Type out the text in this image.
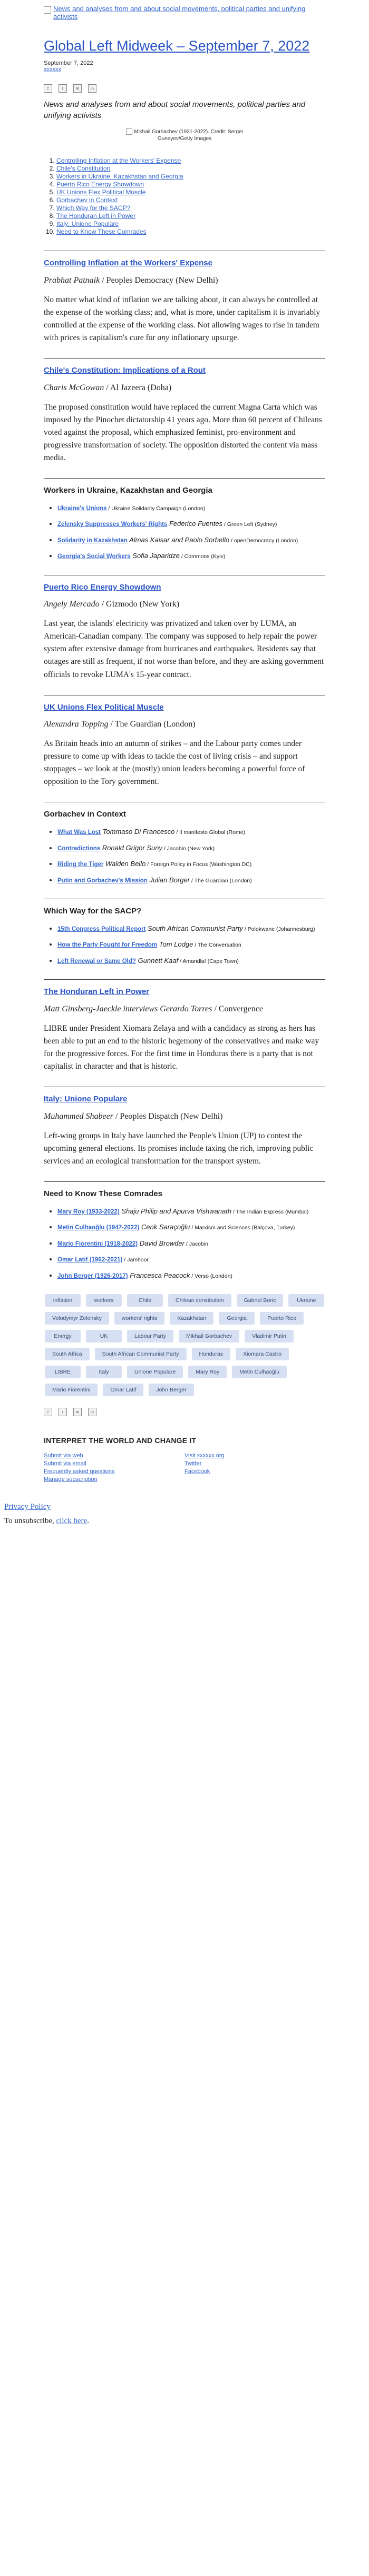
News and analyses from and about social movements, political parties and unifying activists
Global Left Midweek – September 7, 2022

September 7, 2022

xxxxxx

f	t	✉	in

News and analyses from and about social movements, political parties and unifying activists

Mikhail Gorbachev (1931-2022). Credit: Sergei
Guneyev/Getty Images
1. Controlling Inflation at the Workers' Expense
2. Chile's Constitution
3. Workers in Ukraine, Kazakhstan and Georgia
4. Puerto Rico Energy Showdown
5. UK Unions Flex Political Muscle
6. Gorbachev in Context
7. Which Way for the SACP?
8. The Honduran Left in Power
9. Italy: Unione Populare
10. Need to Know These Comrades
Controlling Inflation at the Workers' Expense

Prabhat Patnaik / Peoples Democracy (New Delhi)

No matter what kind of inflation we are talking about, it can always be controlled at the expense of the working class; and, what is more, under capitalism it is invariably controlled at the expense of the working class. Not allowing wages to rise in tandem with prices is capitalism's cure for any inflationary upsurge.

Chile's Constitution: Implications of a Rout

Charis McGowan / Al Jazeera (Doha)

The proposed constitution would have replaced the current Magna Carta which was imposed by the Pinochet dictatorship 41 years ago. More than 60 percent of Chileans voted against the proposal, which emphasized feminist, pro-environment and progressive transformation of society. The opposition distorted the content via mass media.

Workers in Ukraine, Kazakhstan and Georgia
• Ukraine's Unions / Ukraine Solidarity Campaign (London)
• Zelensky Suppresses Workers' Rights Federico Fuentes / Green Left (Sydney)
• Solidarity in Kazakhstan Almas Kaisar and Paolo Sorbello / openDemocracy (London)
• Georgia's Social Workers Sofia Japaridze / Commons (Kyiv)
Puerto Rico Energy Showdown

Angely Mercado / Gizmodo (New York)

Last year, the islands' electricity was privatized and taken over by LUMA, an American-Canadian company. The company was supposed to help repair the power system after extensive damage from hurricanes and earthquakes. Residents say that outages are still as frequent, if not worse than before, and they are asking government officials to revoke LUMA's 15-year contract.

UK Unions Flex Political Muscle

Alexandra Topping / The Guardian (London)

As Britain heads into an autumn of strikes – and the Labour party comes under pressure to come up with ideas to tackle the cost of living crisis – and support stoppages – we look at the (mostly) union leaders becoming a powerful force of opposition to the Tory government.

Gorbachev in Context
• What Was Lost Tommaso Di Francesco / Il manifesto Global (Rome)
• Contradictions Ronald Grigor Suny / Jacobin (New York)
• Riding the Tiger Walden Bello / Foreign Policy in Focus (Washington DC)
• Putin and Gorbachev's Mission Julian Borger / The Guardian (London)
Which Way for the SACP?
• 15th Congress Political Report South African Communist Party / Polokwane (Johannesburg)
• How the Party Fought for Freedom Tom Lodge / The Conversation
• Left Renewal or Same Old? Gunnett Kaaf / Amandla! (Cape Town)
The Honduran Left in Power

Matt Ginsberg-Jaeckle interviews Gerardo Torres / Convergence

LIBRE under President Xiomara Zelaya and with a candidacy as strong as hers has been able to put an end to the historic hegemony of the conservatives and make way for the progressive forces. For the first time in Honduras there is a party that is not capitalist in character and that is historic.

Italy: Unione Populare

Muhammed Shabeer / Peoples Dispatch (New Delhi)

Left-wing groups in Italy have launched the People's Union (UP) to contest the upcoming general elections. Its promises include taxing the rich, improving public services and an ecological transformation for the transport system.

Need to Know These Comrades
• Mary Roy (1933-2022) Shaju Philip and Apurva Vishwanath / The Indian Express (Mumbai)
• Metin Culhaoğlu (1947-2022) Cenk Saraçoğlu / Marxism and Sciences (Balçova, Turkey)
• Mario Fiorentini (1918-2022) David Browder / Jacobin
• Omar Latif (1962-2021) / Jamhoor
• John Berger (1926-2017) Francesca Peacock / Verso (London)
inflation	workers	Chile	Chilean constitution	Gabriel Boric	Ukraine
Volodymyr Zelensky	workers' rights	Kazakhstan	Georgia	Puerto Rico
Energy	UK	Labour Party	Mikhail Gorbachev	Vladimir Putin
South Africa	South African Communist Party	Honduras	Xiomara Castro
LIBRE	Italy	Unione Populare	Mary Roy	Metin Culhaoğlu
Mario Fiorentini	Omar Latif	John Berger
f	t	✉	in
INTERPRET THE WORLD AND CHANGE IT
Submit via web
Submit via email
Frequently asked questions
Manage subscription
Visit xxxxxx.org
Twitter
Facebook

Privacy Policy

To unsubscribe, click here.
